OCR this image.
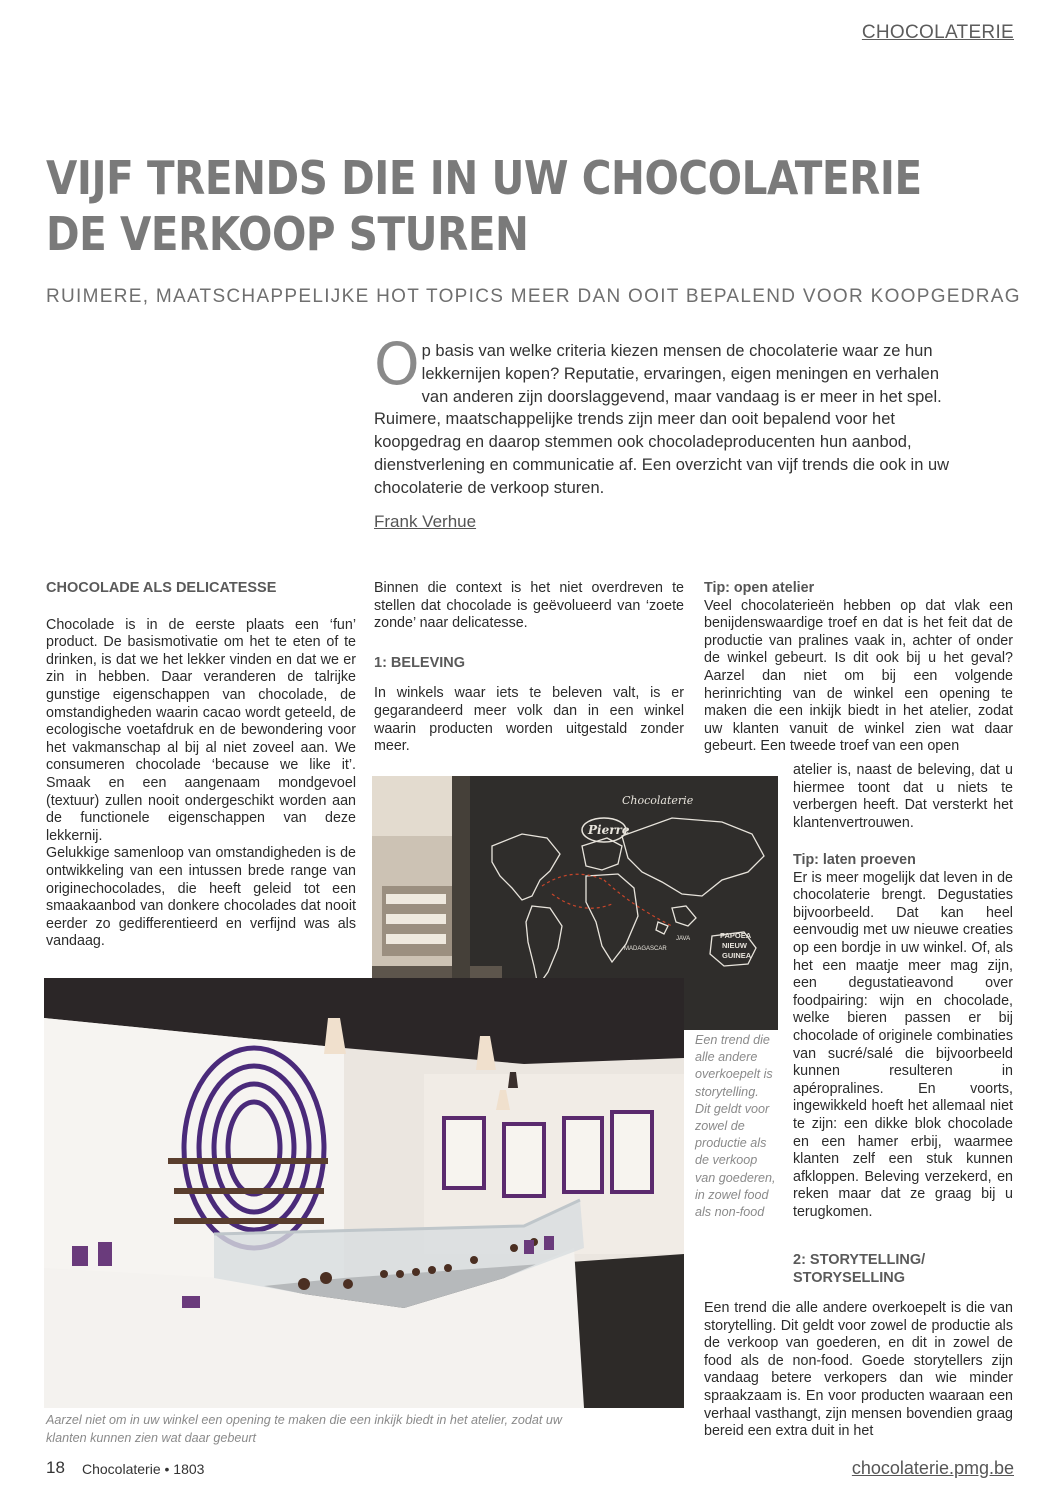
CHOCOLATERIE
VIJF TRENDS DIE IN UW CHOCOLATERIE
DE VERKOOP STUREN
RUIMERE, MAATSCHAPPELIJKE HOT TOPICS MEER DAN OOIT BEPALEND VOOR KOOPGEDRAG
Op basis van welke criteria kiezen mensen de chocolaterie waar ze hun lekkernijen kopen? Reputatie, ervaringen, eigen meningen en verhalen van anderen zijn doorslaggevend, maar vandaag is er meer in het spel. Ruimere, maatschappelijke trends zijn meer dan ooit bepalend voor het koopgedrag en daarop stemmen ook chocoladeproducenten hun aanbod, dienstverlening en communicatie af. Een overzicht van vijf trends die ook in uw chocolaterie de verkoop sturen.
Frank Verhue
CHOCOLADE ALS DELICATESSE

Chocolade is in de eerste plaats een ‘fun’ product. De basismotivatie om het te eten of te drinken, is dat we het lekker vinden en dat we er zin in hebben. Daar veranderen de talrijke gunstige eigenschappen van chocolade, de omstandigheden waarin cacao wordt geteeld, de ecologische voetafdruk en de bewondering voor het vakmanschap al bij al niet zoveel aan. We consumeren chocolade ‘because we like it’. Smaak en een aangenaam mondgevoel (textuur) zullen nooit ondergeschikt worden aan de functionele eigenschappen van deze lekkernij.

Gelukkige samenloop van omstandigheden is de ontwikkeling van een intussen brede range van originechocolades, die heeft geleid tot een smaakaanbod van donkere chocolades dat nooit eerder zo gedifferentieerd en verfijnd was als vandaag.

Binnen die context is het niet overdreven te stellen dat chocolade is geëvolueerd van ‘zoete zonde’ naar delicatesse.

1: BELEVING

In winkels waar iets te beleven valt, is er gegarandeerd meer volk dan in een winkel waarin producten worden uitgestald zonder meer.

Tip: open atelier

Veel chocolaterieën hebben op dat vlak een benijdenswaardige troef en dat is het feit dat de productie van pralines vaak in, achter of onder de winkel gebeurt. Is dit ook bij u het geval? Aarzel dan niet om bij een volgende herinrichting van de winkel een opening te maken die een inkijk biedt in het atelier, zodat uw klanten vanuit de winkel zien wat daar gebeurt. Een tweede troef van een open

atelier is, naast de beleving, dat u hiermee toont dat u niets te verbergen heeft. Dat versterkt het klantenvertrouwen.

Tip: laten proeven

Er is meer mogelijk dat leven in de chocolaterie brengt. Degustaties bijvoorbeeld. Dat kan heel eenvoudig met uw nieuwe creaties op een bordje in uw winkel. Of, als het een maatje meer mag zijn, een degustatieavond over foodpairing: wijn en chocolade, welke bieren passen er bij chocolade of originele combinaties van sucré/salé die bijvoorbeeld kunnen resulteren in apéropralines. En voorts, ingewikkeld hoeft het allemaal niet te zijn: een dikke blok chocolade en een hamer erbij, waarmee klanten zelf een stuk kunnen afkloppen. Beleving verzekerd, en reken maar dat ze graag bij u terugkomen.

2: STORYTELLING/
STORYSELLING

Een trend die alle andere overkoepelt is die van storytelling. Dit geldt voor zowel de productie als de verkoop van goederen, en dit in zowel de food als de non-food. Goede storytellers zijn vandaag betere verkopers dan wie minder spraakzaam is. En voor producten waaraan een verhaal vasthangt, zijn mensen bovendien graag bereid een extra duit in het

Chocolaterie
Pierre
PAPOEA
NIEUW
GUINEA
MADAGASCAR
JAVA
Een trend die alle andere overkoepelt is storytelling. Dit geldt voor zowel de productie als de verkoop van goederen, in zowel food als non-food
Aarzel niet om in uw winkel een opening te maken die een inkijk biedt in het atelier, zodat uw klanten kunnen zien wat daar gebeurt
18 Chocolaterie • 1803	chocolaterie.pmg.be
